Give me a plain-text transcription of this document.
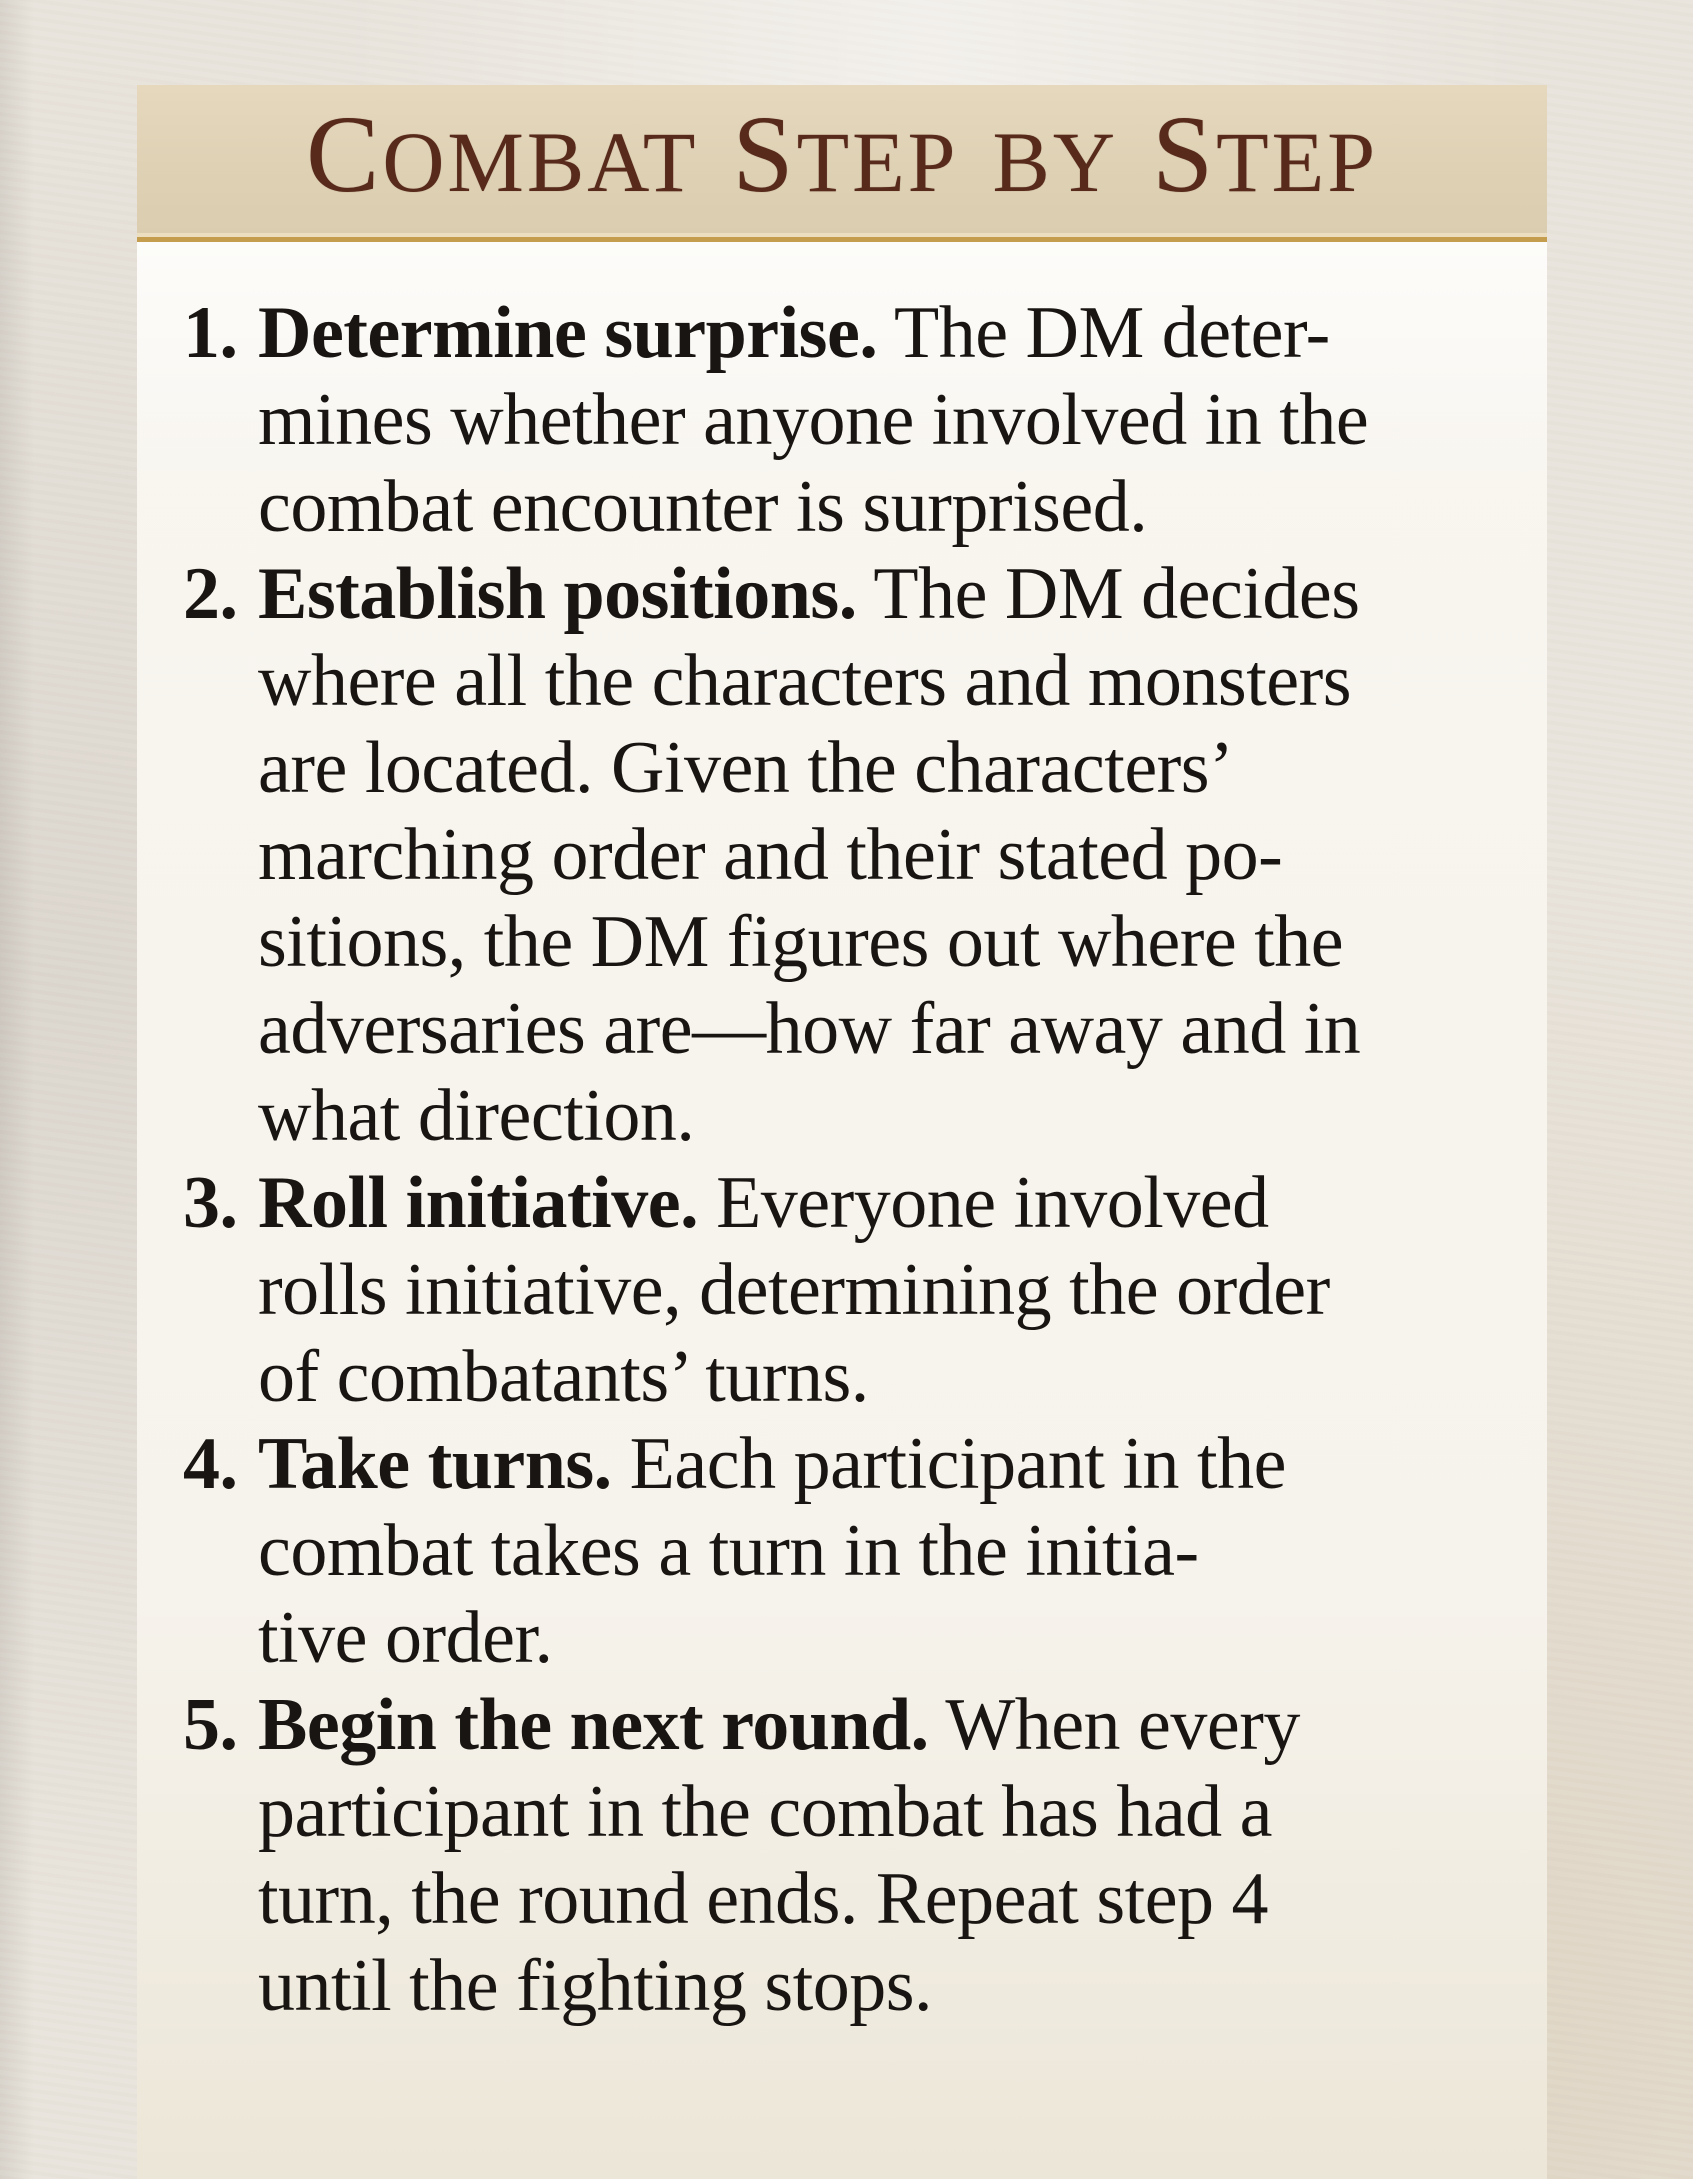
COMBAT STEP BY STEP
1. Determine surprise. The DM deter-
mines whether anyone involved in the
combat encounter is surprised.
2. Establish positions. The DM decides
where all the characters and monsters
are located. Given the characters’
marching order and their stated po-
sitions, the DM figures out where the
adversaries are—how far away and in
what direction.
3. Roll initiative. Everyone involved
rolls initiative, determining the order
of combatants’ turns.
4. Take turns. Each participant in the
combat takes a turn in the initia-
tive order.
5. Begin the next round. When every
participant in the combat has had a
turn, the round ends. Repeat step 4
until the fighting stops.
